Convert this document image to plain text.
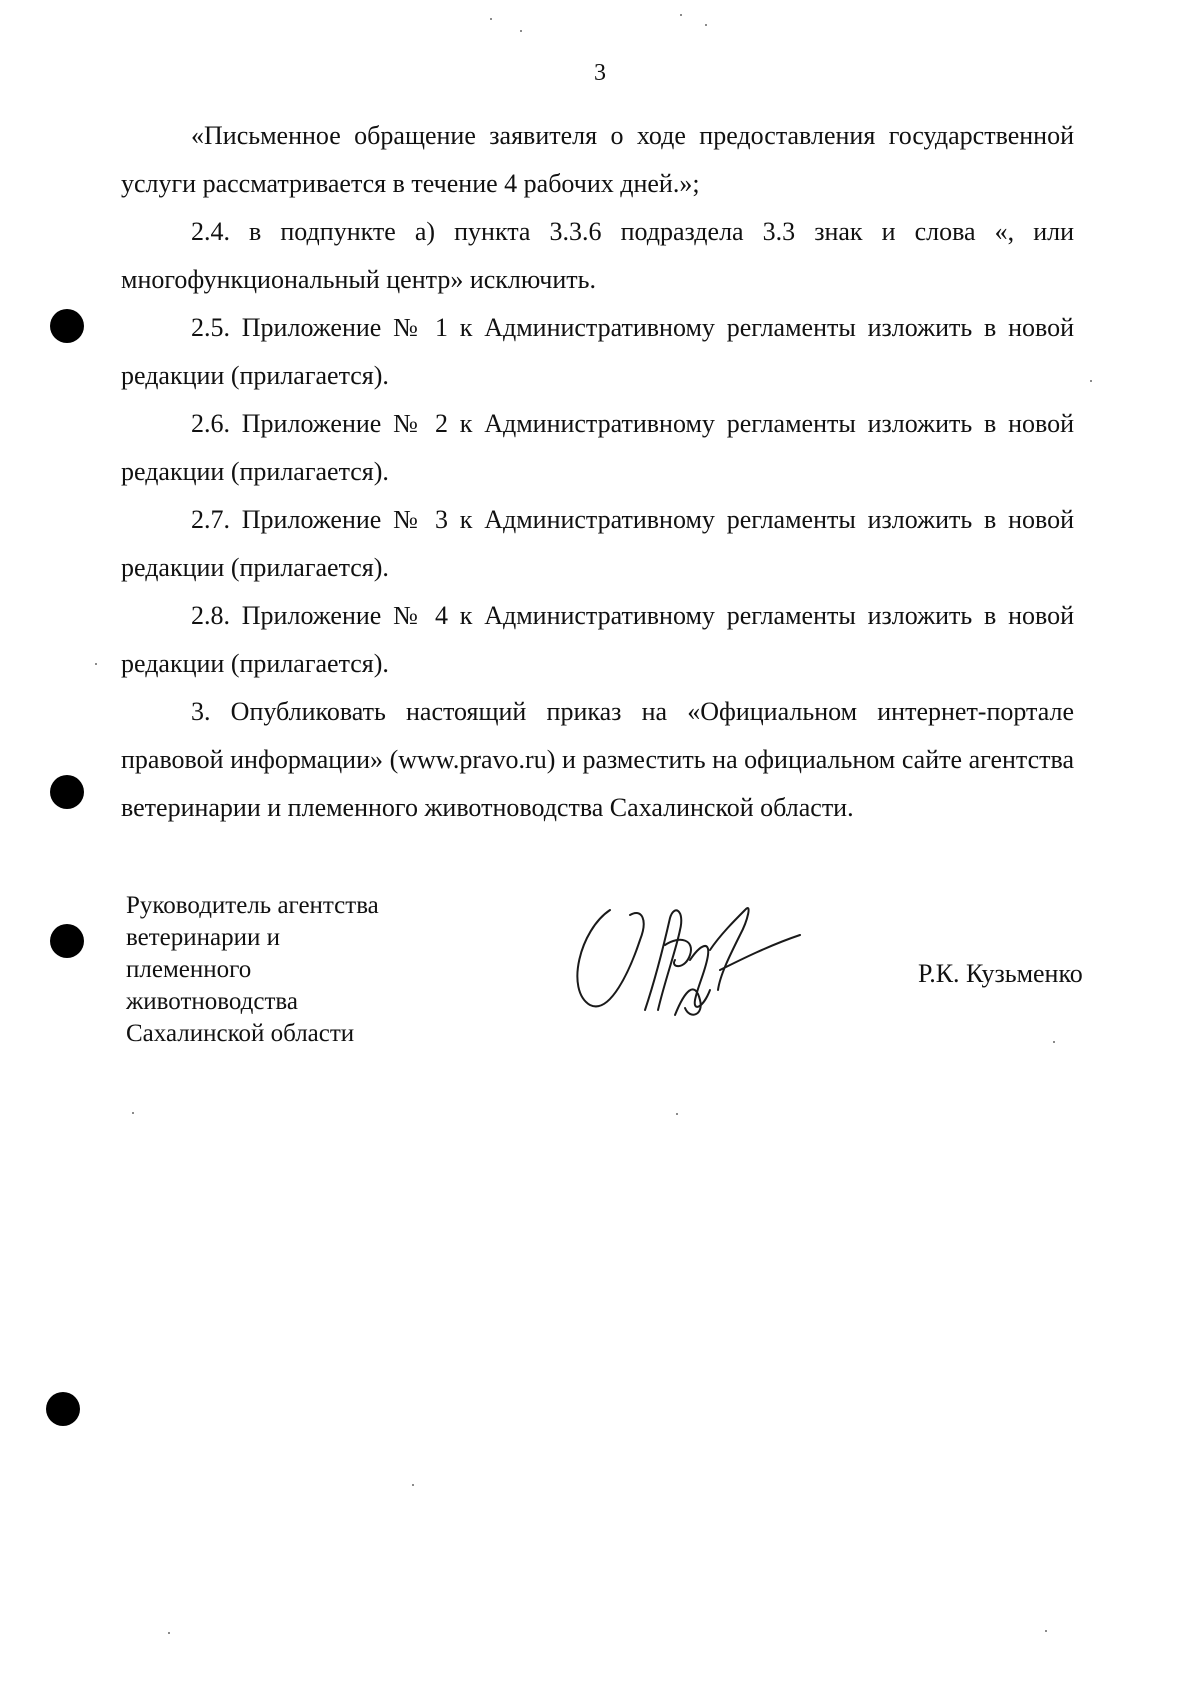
3

«Письменное обращение заявителя о ходе предоставления государственной услуги рассматривается в течение 4 рабочих дней.»;

2.4. в подпункте а) пункта 3.3.6 подраздела 3.3 знак и слова «, или многофункциональный центр» исключить.

2.5. Приложение № 1 к Административному регламенты изложить в новой редакции (прилагается).

2.6. Приложение № 2 к Административному регламенты изложить в новой редакции (прилагается).

2.7. Приложение № 3 к Административному регламенты изложить в новой редакции (прилагается).

2.8. Приложение № 4 к Административному регламенты изложить в новой редакции (прилагается).

3. Опубликовать настоящий приказ на «Официальном интернет-портале правовой информации» (www.pravo.ru) и разместить на официальном сайте агентства ветеринарии и племенного животноводства Сахалинской области.

Руководитель агентства
ветеринарии и
племенного
животноводства
Сахалинской области
Р.К. Кузьменко
